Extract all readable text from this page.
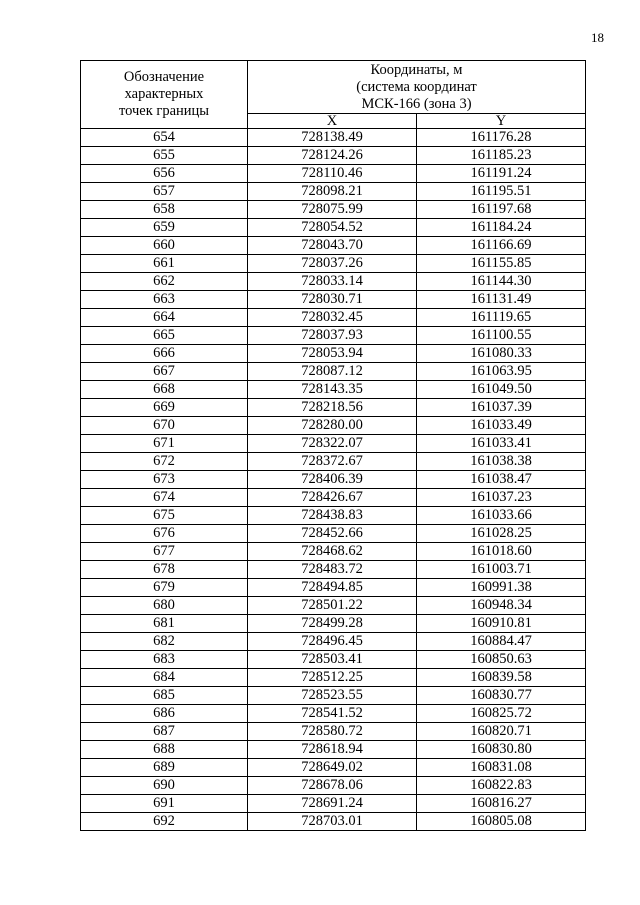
18
Обозначение
характерных
точек границы	Координаты, м
(система координат
МСК-166 (зона 3)	

	X	Y
654	728138.49	161176.28
655	728124.26	161185.23
656	728110.46	161191.24
657	728098.21	161195.51
658	728075.99	161197.68
659	728054.52	161184.24
660	728043.70	161166.69
661	728037.26	161155.85
662	728033.14	161144.30
663	728030.71	161131.49
664	728032.45	161119.65
665	728037.93	161100.55
666	728053.94	161080.33
667	728087.12	161063.95
668	728143.35	161049.50
669	728218.56	161037.39
670	728280.00	161033.49
671	728322.07	161033.41
672	728372.67	161038.38
673	728406.39	161038.47
674	728426.67	161037.23
675	728438.83	161033.66
676	728452.66	161028.25
677	728468.62	161018.60
678	728483.72	161003.71
679	728494.85	160991.38
680	728501.22	160948.34
681	728499.28	160910.81
682	728496.45	160884.47
683	728503.41	160850.63
684	728512.25	160839.58
685	728523.55	160830.77
686	728541.52	160825.72
687	728580.72	160820.71
688	728618.94	160830.80
689	728649.02	160831.08
690	728678.06	160822.83
691	728691.24	160816.27
692	728703.01	160805.08
